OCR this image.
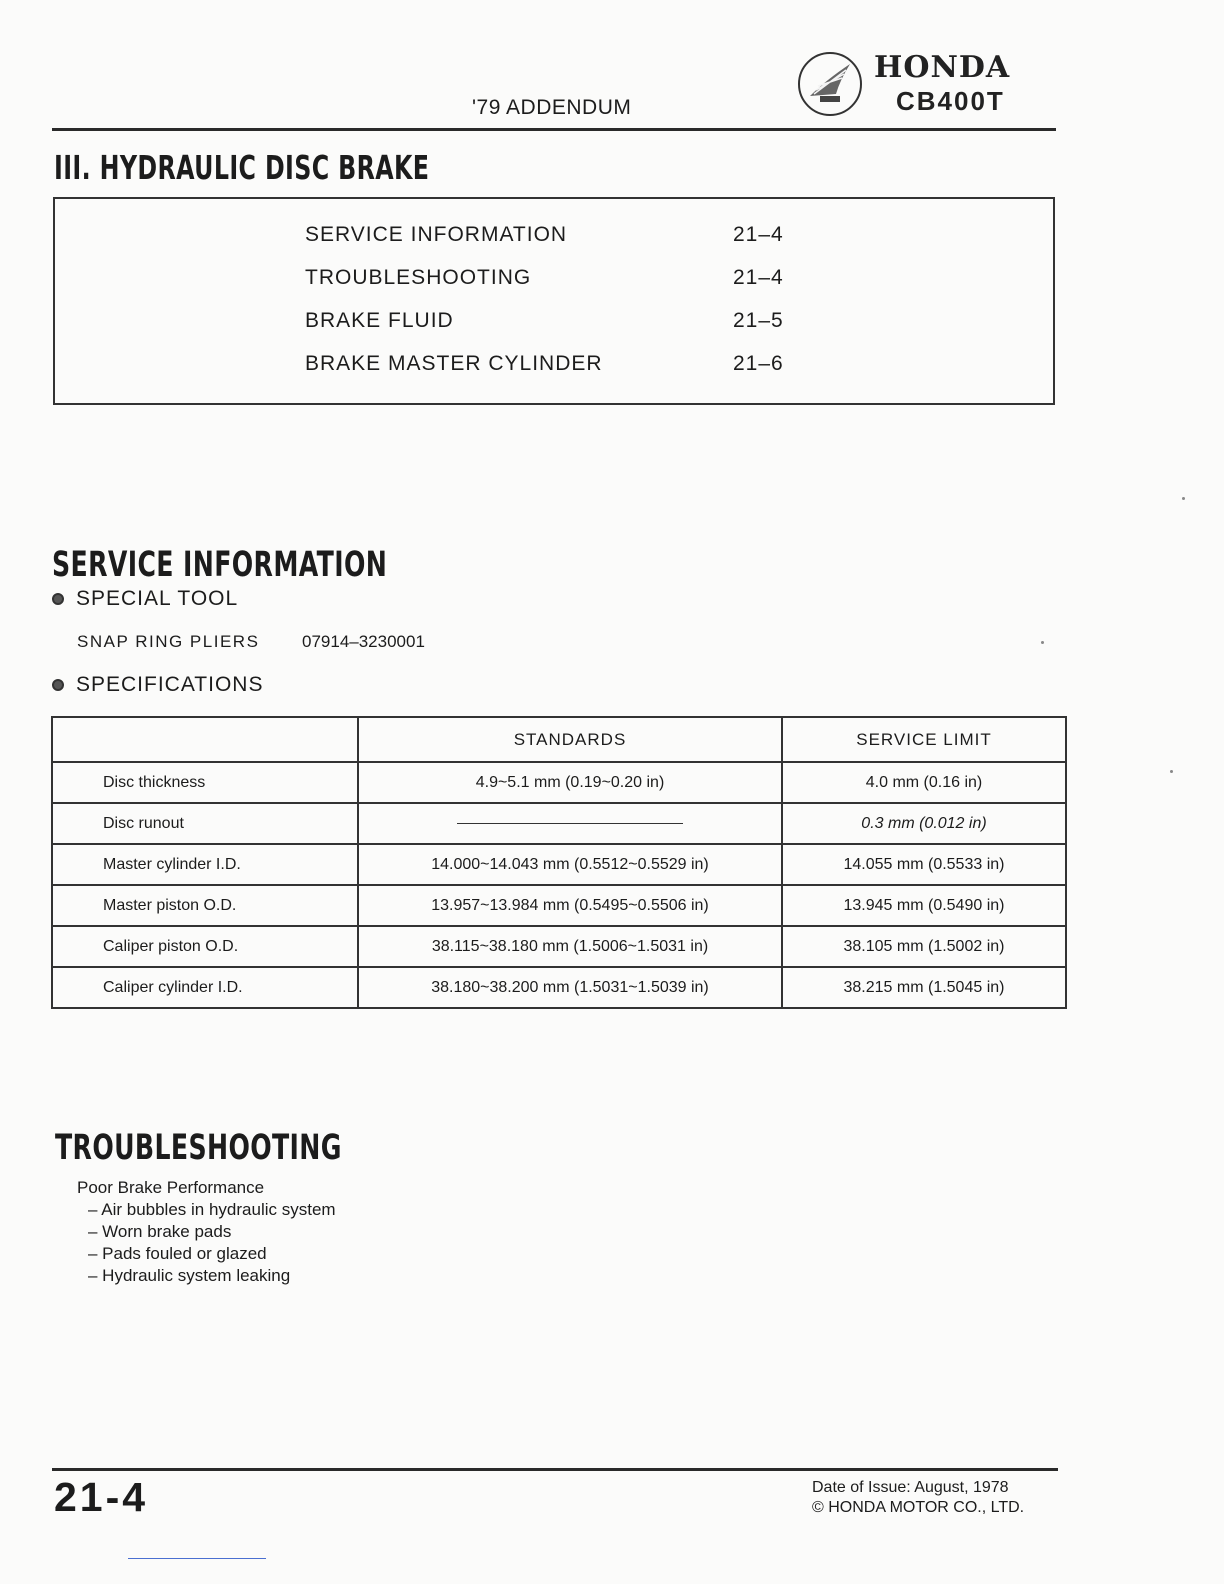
'79 ADDENDUM
HONDA
CB400T
III. HYDRAULIC DISC BRAKE
SERVICE INFORMATION	21–4
TROUBLESHOOTING	21–4
BRAKE FLUID	21–5
BRAKE MASTER CYLINDER	21–6
SERVICE INFORMATION
SPECIAL TOOL
SNAP RING PLIERS	07914–3230001
SPECIFICATIONS
	STANDARDS	SERVICE LIMIT
Disc thickness	4.9~5.1 mm (0.19~0.20 in)	4.0 mm (0.16 in)
Disc runout		0.3 mm (0.012 in)
Master cylinder I.D.	14.000~14.043 mm (0.5512~0.5529 in)	14.055 mm (0.5533 in)
Master piston O.D.	13.957~13.984 mm (0.5495~0.5506 in)	13.945 mm (0.5490 in)
Caliper piston O.D.	38.115~38.180 mm (1.5006~1.5031 in)	38.105 mm (1.5002 in)
Caliper cylinder I.D.	38.180~38.200 mm (1.5031~1.5039 in)	38.215 mm (1.5045 in)
TROUBLESHOOTING
Poor Brake Performance
– Air bubbles in hydraulic system
– Worn brake pads
– Pads fouled or glazed
– Hydraulic system leaking
21-4	Date of Issue: August, 1978
© HONDA MOTOR CO., LTD.
